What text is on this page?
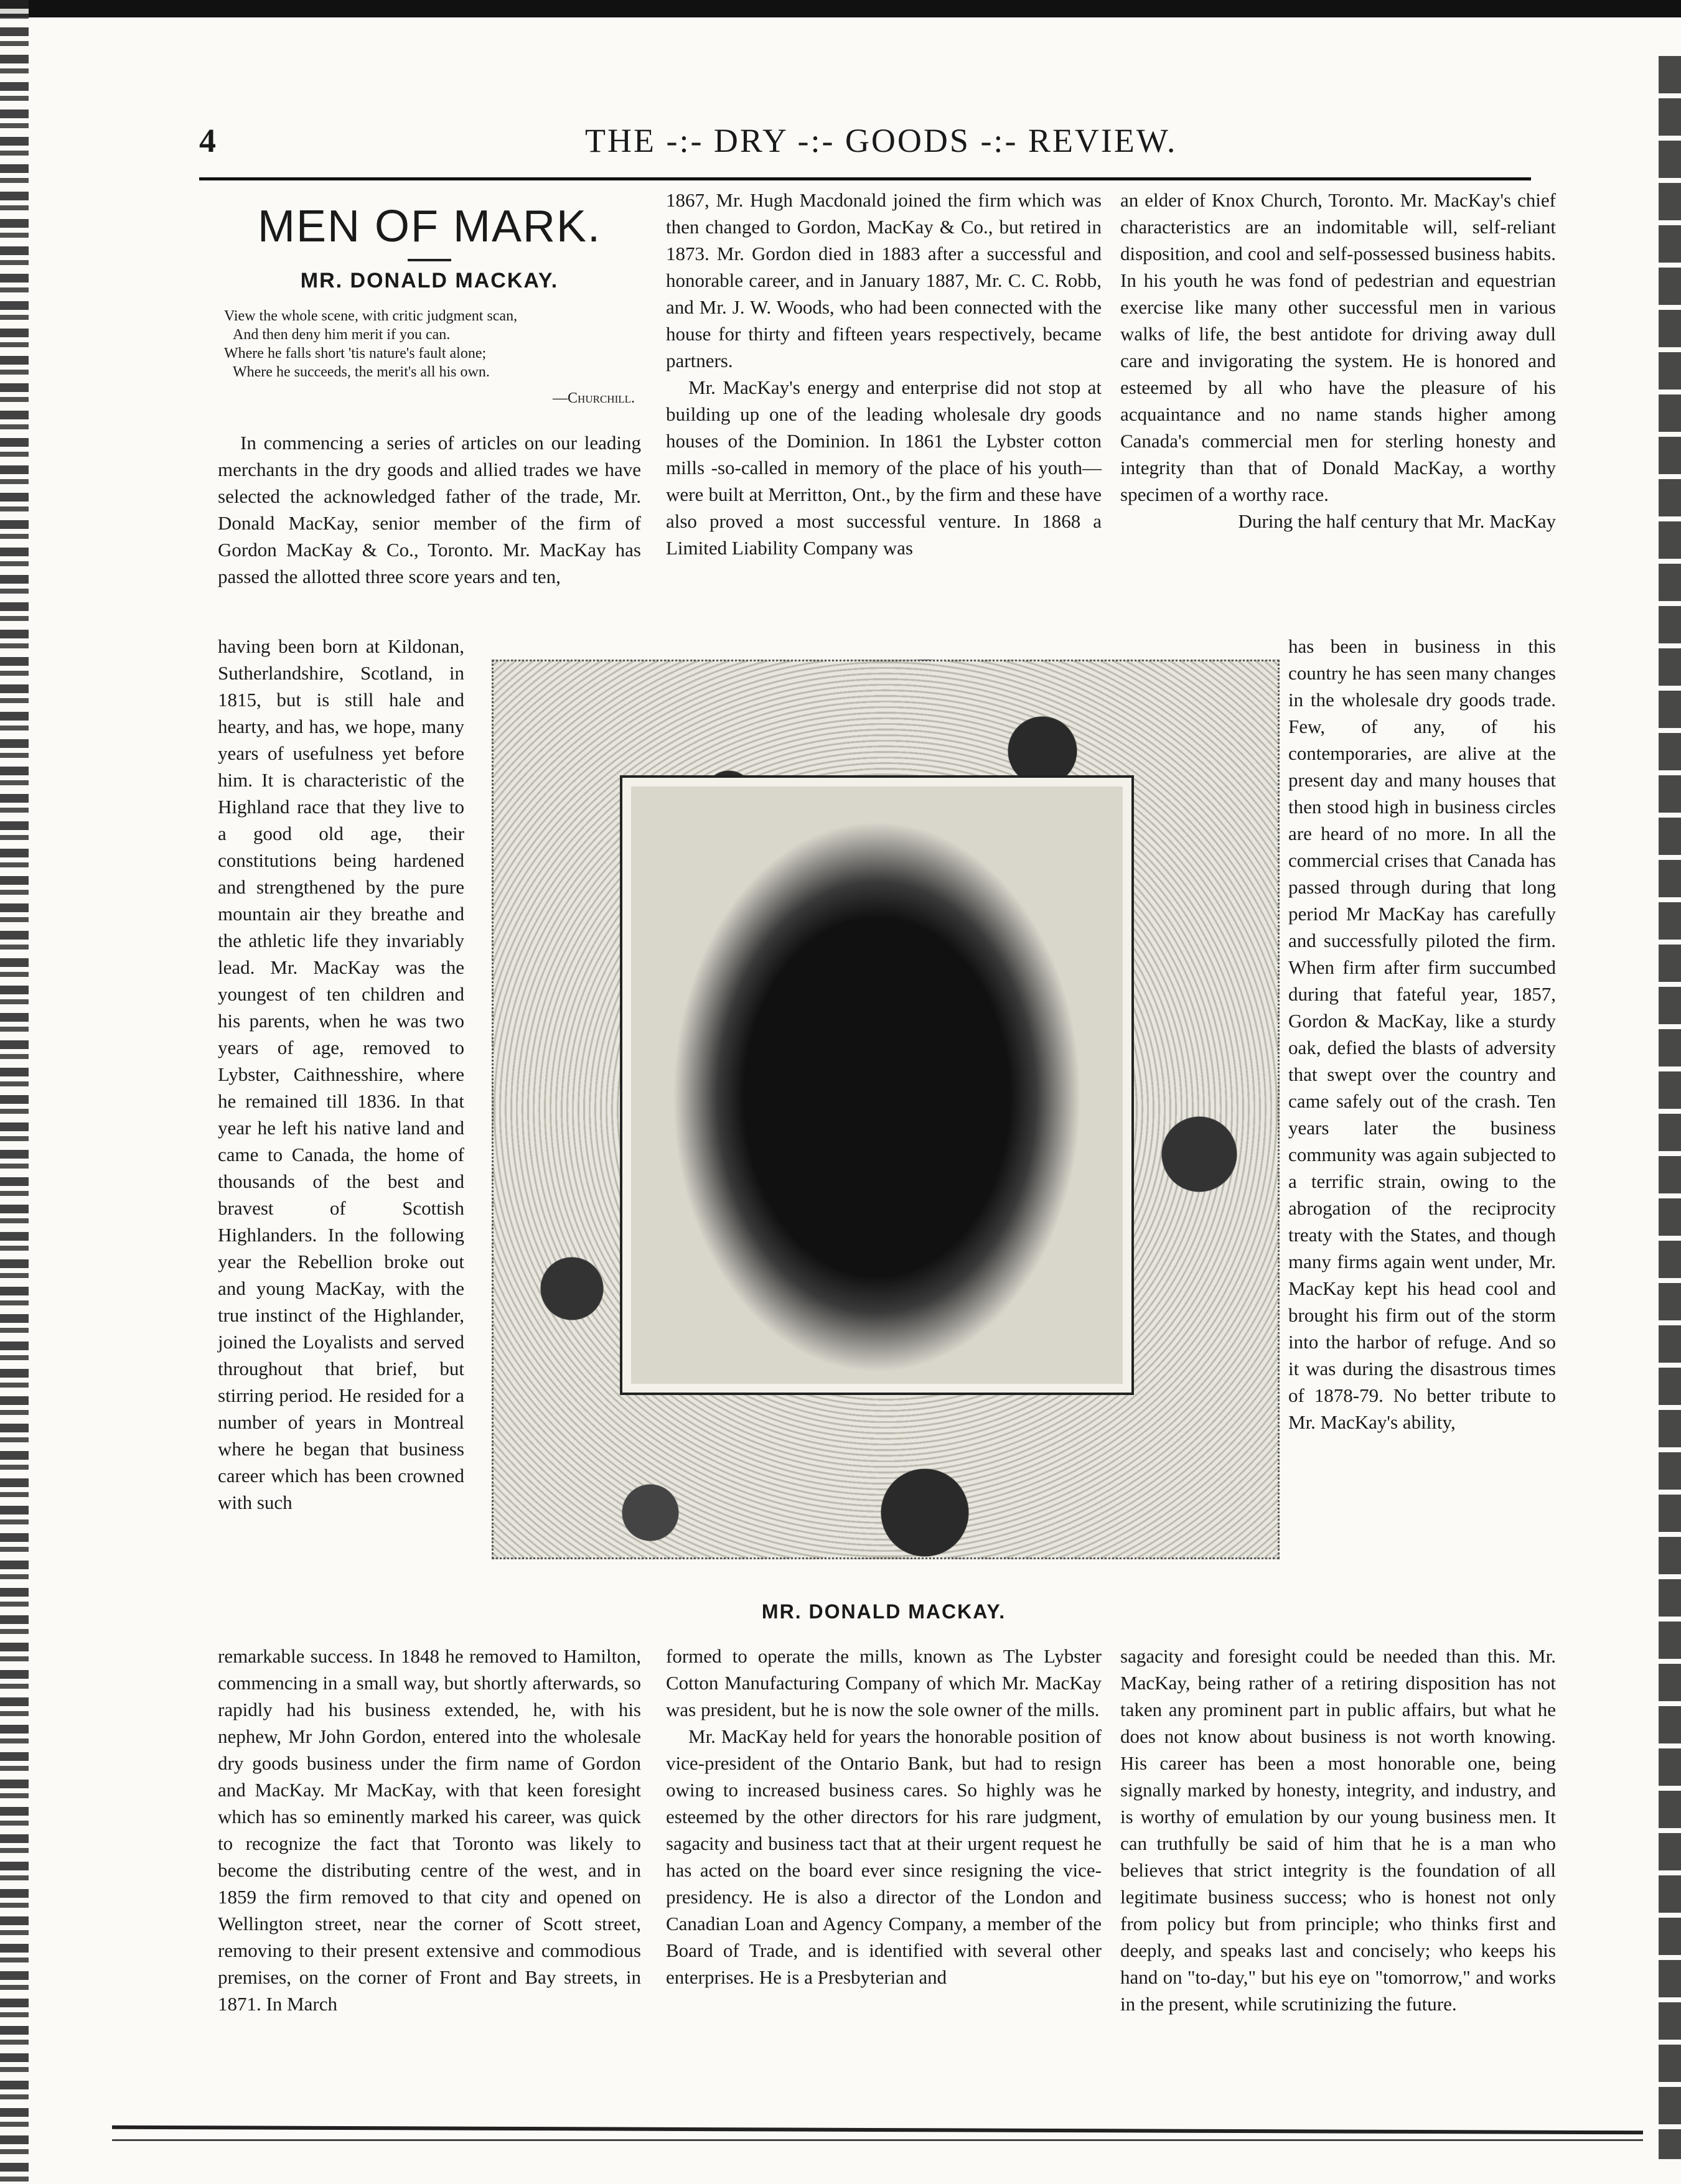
4	THE -:- DRY -:- GOODS -:- REVIEW.
MEN OF MARK.
MR. DONALD MACKAY.
View the whole scene, with critic judgment scan,
And then deny him merit if you can.
Where he falls short 'tis nature's fault alone;
Where he succeeds, the merit's all his own.
—Churchill.

In commencing a series of articles on our leading merchants in the dry goods and allied trades we have selected the acknowledged father of the trade, Mr. Donald MacKay, senior member of the firm of Gordon MacKay & Co., Toronto. Mr. MacKay has passed the allotted three score years and ten,

1867, Mr. Hugh Macdonald joined the firm which was then changed to Gordon, MacKay & Co., but retired in 1873. Mr. Gordon died in 1883 after a successful and honorable career, and in January 1887, Mr. C. C. Robb, and Mr. J. W. Woods, who had been connected with the house for thirty and fifteen years respectively, became partners.

Mr. MacKay's energy and enterprise did not stop at building up one of the leading wholesale dry goods houses of the Dominion. In 1861 the Lybster cotton mills -so-called in memory of the place of his youth—were built at Merritton, Ont., by the firm and these have also proved a most successful venture. In 1868 a Limited Liability Company was

an elder of Knox Church, Toronto. Mr. MacKay's chief characteristics are an indomitable will, self-reliant disposition, and cool and self-possessed business habits. In his youth he was fond of pedestrian and equestrian exercise like many other successful men in various walks of life, the best antidote for driving away dull care and invigorating the system. He is honored and esteemed by all who have the pleasure of his acquaintance and no name stands higher among Canada's commercial men for sterling honesty and integrity than that of Donald MacKay, a worthy specimen of a worthy race.

During the half century that Mr. MacKay

MR. DONALD MACKAY.

having been born at Kildonan, Sutherlandshire, Scotland, in 1815, but is still hale and hearty, and has, we hope, many years of usefulness yet before him. It is characteristic of the Highland race that they live to a good old age, their constitutions being hardened and strengthened by the pure mountain air they breathe and the athletic life they invariably lead. Mr. MacKay was the youngest of ten children and his parents, when he was two years of age, removed to Lybster, Caithnesshire, where he remained till 1836. In that year he left his native land and came to Canada, the home of thousands of the best and bravest of Scottish Highlanders. In the following year the Rebellion broke out and young MacKay, with the true instinct of the Highlander, joined the Loyalists and served throughout that brief, but stirring period. He resided for a number of years in Montreal where he began that business career which has been crowned with such

has been in business in this country he has seen many changes in the wholesale dry goods trade. Few, of any, of his contemporaries, are alive at the present day and many houses that then stood high in business circles are heard of no more. In all the commercial crises that Canada has passed through during that long period Mr MacKay has carefully and successfully piloted the firm. When firm after firm succumbed during that fateful year, 1857, Gordon & MacKay, like a sturdy oak, defied the blasts of adversity that swept over the country and came safely out of the crash. Ten years later the business community was again subjected to a terrific strain, owing to the abrogation of the reciprocity treaty with the States, and though many firms again went under, Mr. MacKay kept his head cool and brought his firm out of the storm into the harbor of refuge. And so it was during the disastrous times of 1878-79. No better tribute to Mr. MacKay's ability,

remarkable success. In 1848 he removed to Hamilton, commencing in a small way, but shortly afterwards, so rapidly had his business extended, he, with his nephew, Mr John Gordon, entered into the wholesale dry goods business under the firm name of Gordon and MacKay. Mr MacKay, with that keen foresight which has so eminently marked his career, was quick to recognize the fact that Toronto was likely to become the distributing centre of the west, and in 1859 the firm removed to that city and opened on Wellington street, near the corner of Scott street, removing to their present extensive and commodious premises, on the corner of Front and Bay streets, in 1871. In March

formed to operate the mills, known as The Lybster Cotton Manufacturing Company of which Mr. MacKay was president, but he is now the sole owner of the mills.

Mr. MacKay held for years the honorable position of vice-president of the Ontario Bank, but had to resign owing to increased business cares. So highly was he esteemed by the other directors for his rare judgment, sagacity and business tact that at their urgent request he has acted on the board ever since resigning the vice-presidency. He is also a director of the London and Canadian Loan and Agency Company, a member of the Board of Trade, and is identified with several other enterprises. He is a Presbyterian and

sagacity and foresight could be needed than this. Mr. MacKay, being rather of a retiring disposition has not taken any prominent part in public affairs, but what he does not know about business is not worth knowing. His career has been a most honorable one, being signally marked by honesty, integrity, and industry, and is worthy of emulation by our young business men. It can truthfully be said of him that he is a man who believes that strict integrity is the foundation of all legitimate business success; who is honest not only from policy but from principle; who thinks first and deeply, and speaks last and concisely; who keeps his hand on "to-day," but his eye on "tomorrow," and works in the present, while scrutinizing the future.
